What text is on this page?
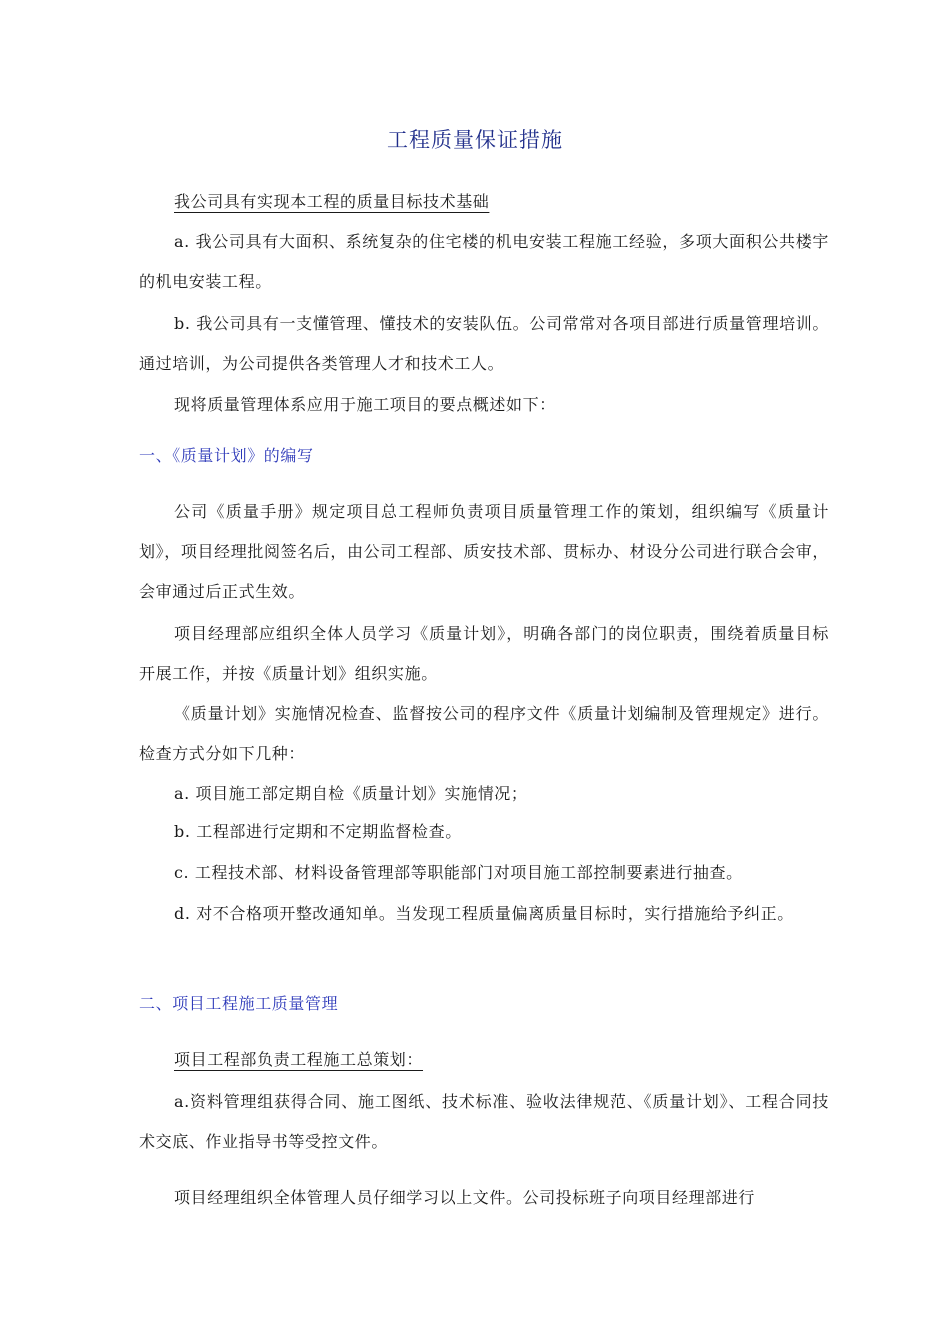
工程质量保证措施

我公司具有实现本工程的质量目标技术基础

a. 我公司具有大面积、系统复杂的住宅楼的机电安装工程施工经验，多项大面积公共楼宇的机电安装工程。

b. 我公司具有一支懂管理、懂技术的安装队伍。公司常常对各项目部进行质量管理培训。通过培训，为公司提供各类管理人才和技术工人。

现将质量管理体系应用于施工项目的要点概述如下：

一、《质量计划》的编写

公司《质量手册》规定项目总工程师负责项目质量管理工作的策划，组织编写《质量计划》，项目经理批阅签名后，由公司工程部、质安技术部、贯标办、材设分公司进行联合会审，会审通过后正式生效。

项目经理部应组织全体人员学习《质量计划》，明确各部门的岗位职责，围绕着质量目标开展工作，并按《质量计划》组织实施。

《质量计划》实施情况检查、监督按公司的程序文件《质量计划编制及管理规定》进行。检查方式分如下几种：

a. 项目施工部定期自检《质量计划》实施情况；

b. 工程部进行定期和不定期监督检查。

c. 工程技术部、材料设备管理部等职能部门对项目施工部控制要素进行抽查。

d. 对不合格项开整改通知单。当发现工程质量偏离质量目标时，实行措施给予纠正。

二、项目工程施工质量管理

项目工程部负责工程施工总策划：

a.资料管理组获得合同、施工图纸、技术标准、验收法律规范、《质量计划》、工程合同技术交底、作业指导书等受控文件。

项目经理组织全体管理人员仔细学习以上文件。公司投标班子向项目经理部进行
